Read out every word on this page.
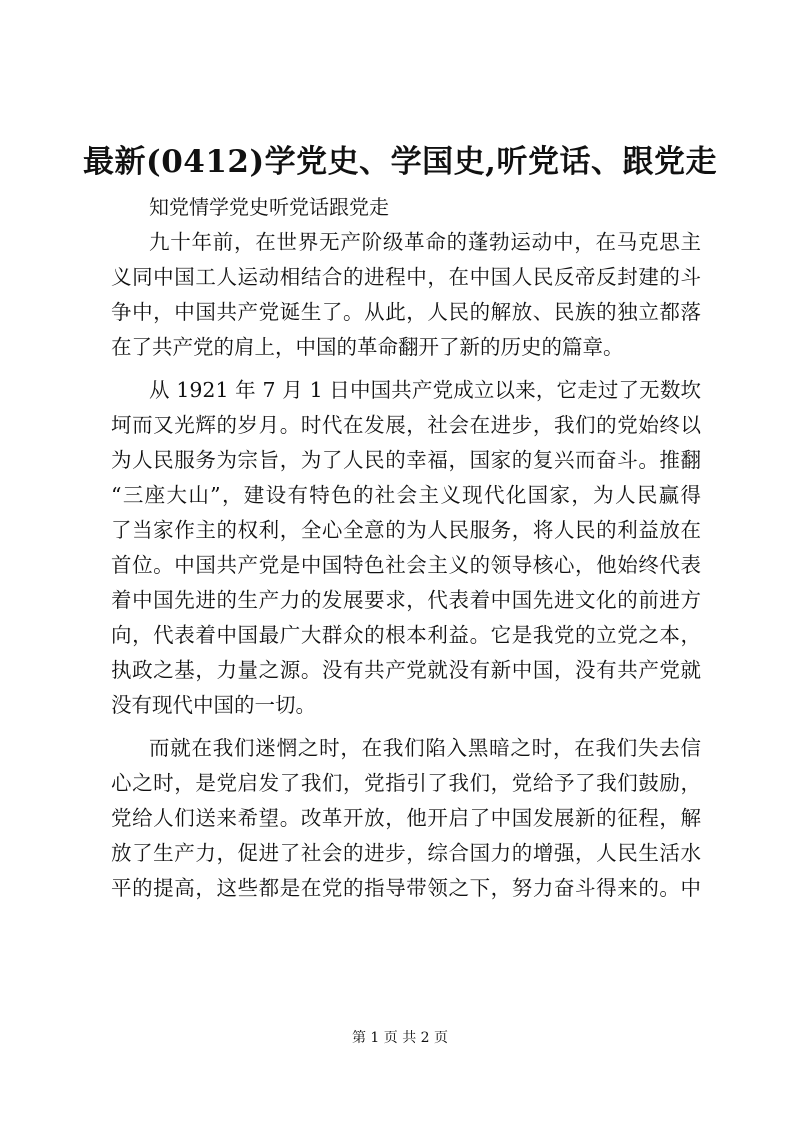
最新(0412)学党史、学国史,听党话、跟党走
知党情学党史听党话跟党走
九十年前，在世界无产阶级革命的蓬勃运动中，在马克思主
义同中国工人运动相结合的进程中，在中国人民反帝反封建的斗
争中，中国共产党诞生了。从此，人民的解放、民族的独立都落
在了共产党的肩上，中国的革命翻开了新的历史的篇章。
从 1921 年 7 月 1 日中国共产党成立以来，它走过了无数坎
坷而又光辉的岁月。时代在发展，社会在进步，我们的党始终以
为人民服务为宗旨，为了人民的幸福，国家的复兴而奋斗。推翻
“三座大山”，建设有特色的社会主义现代化国家，为人民赢得
了当家作主的权利，全心全意的为人民服务，将人民的利益放在
首位。中国共产党是中国特色社会主义的领导核心，他始终代表
着中国先进的生产力的发展要求，代表着中国先进文化的前进方
向，代表着中国最广大群众的根本利益。它是我党的立党之本，
执政之基，力量之源。没有共产党就没有新中国，没有共产党就
没有现代中国的一切。
而就在我们迷惘之时，在我们陷入黑暗之时，在我们失去信
心之时，是党启发了我们，党指引了我们，党给予了我们鼓励，
党给人们送来希望。改革开放，他开启了中国发展新的征程，解
放了生产力，促进了社会的进步，综合国力的增强，人民生活水
平的提高，这些都是在党的指导带领之下，努力奋斗得来的。中
第 1 页 共 2 页
